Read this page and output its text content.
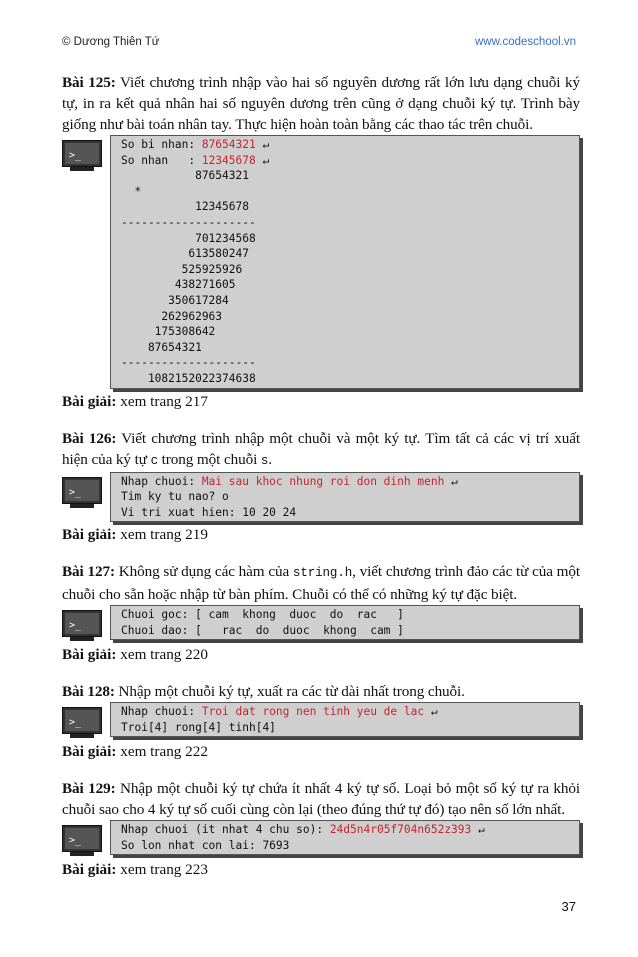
© Dương Thiên Tứ	www.codeschool.vn

Bài 125: Viết chương trình nhập vào hai số nguyên dương rất lớn lưu dạng chuỗi ký tự, in ra kết quả nhân hai số nguyên dương trên cũng ở dạng chuỗi ký tự. Trình bày giống như bài toán nhân tay. Thực hiện hoàn toàn bằng các thao tác trên chuỗi.

>_
So bi nhan: 87654321 ↵
So nhan   : 12345678 ↵
87654321
*
12345678
--------------------
701234568
613580247
525925926
438271605
350617284
262962963
175308642
87654321
--------------------
1082152022374638

Bài giải: xem trang 217

Bài 126: Viết chương trình nhập một chuỗi và một ký tự. Tìm tất cả các vị trí xuất hiện của ký tự c trong một chuỗi s.

>_
Nhap chuoi: Mai sau khoc nhung roi don dinh menh ↵
Tim ky tu nao? o
Vi tri xuat hien: 10 20 24

Bài giải: xem trang 219

Bài 127: Không sử dụng các hàm của string.h, viết chương trình đảo các từ của một chuỗi cho sẵn hoặc nhập từ bàn phím. Chuỗi có thể có những ký tự đặc biệt.

>_
Chuoi goc: [ cam  khong  duoc  do  rac   ]
Chuoi dao: [   rac  do  duoc  khong  cam ]

Bài giải: xem trang 220

Bài 128: Nhập một chuỗi ký tự, xuất ra các từ dài nhất trong chuỗi.

>_
Nhap chuoi: Troi dat rong nen tinh yeu de lac ↵
Troi[4] rong[4] tinh[4]

Bài giải: xem trang 222

Bài 129: Nhập một chuỗi ký tự chứa ít nhất 4 ký tự số. Loại bỏ một số ký tự ra khỏi chuỗi sao cho 4 ký tự số cuối cùng còn lại (theo đúng thứ tự đó) tạo nên số lớn nhất.

>_
Nhap chuoi (it nhat 4 chu so): 24d5n4r05f704n652z393 ↵
So lon nhat con lai: 7693

Bài giải: xem trang 223

37
